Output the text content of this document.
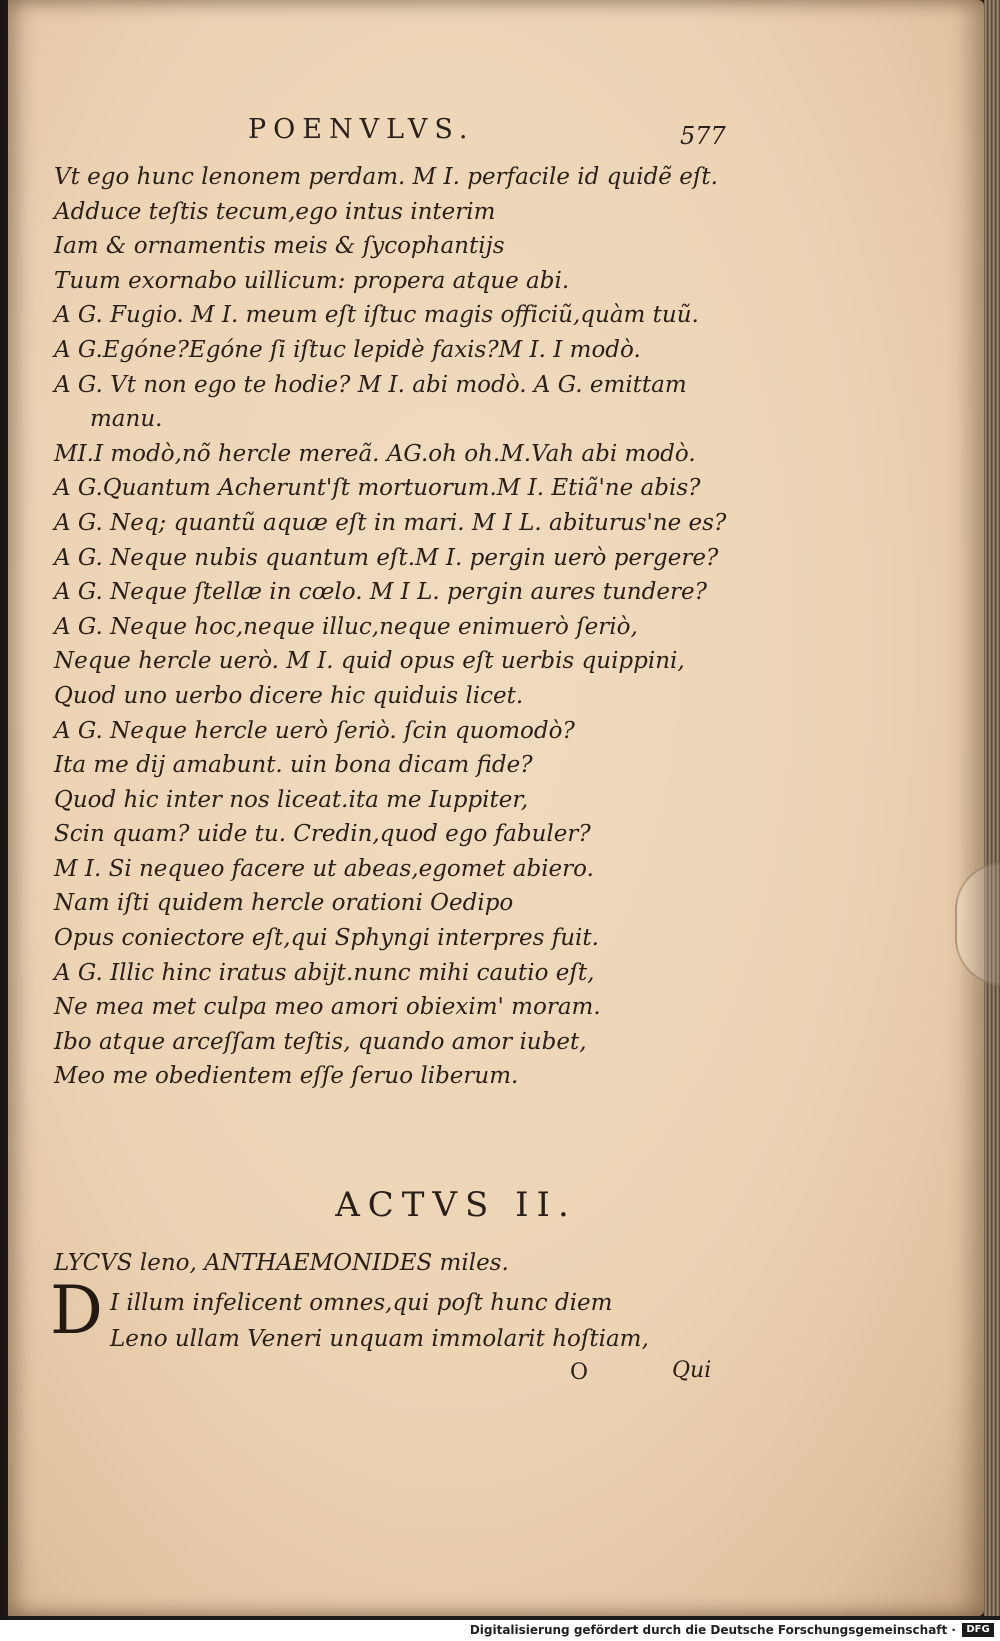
POENVLVS.	577
Vt ego hunc lenonem perdam. M I. perfacile id quidẽ eſt.
Adduce teſtis tecum,ego intus interim
Iam & ornamentis meis & ſycophantijs
Tuum exornabo uillicum: propera atque abi.
A G. Fugio. M I. meum eſt iſtuc magis officiũ,quàm tuũ.
A G.Egóne?Egóne ſi iſtuc lepidè faxis?M I. I modò.
A G. Vt non ego te hodie? M I. abi modò. A G. emittam
manu.
MI.I modò,nõ hercle mereã. AG.oh oh.M.Vah abi modò.
A G.Quantum Acherunt'ſt mortuorum.M I. Etiã'ne abis?
A G. Neq; quantũ aquæ eſt in mari. M I L. abiturus'ne es?
A G. Neque nubis quantum eſt.M I. pergin uerò pergere?
A G. Neque ſtellæ in cœlo. M I L. pergin aures tundere?
A G. Neque hoc,neque illuc,neque enimuerò ſeriò,
Neque hercle uerò. M I. quid opus eſt uerbis quippini,
Quod uno uerbo dicere hic quiduis licet.
A G. Neque hercle uerò ſeriò. ſcin quomodò?
Ita me dij amabunt. uin bona dicam fide?
Quod hic inter nos liceat.ita me Iuppiter,
Scin quam? uide tu. Credin,quod ego fabuler?
M I. Si nequeo facere ut abeas,egomet abiero.
Nam iſti quidem hercle orationi Oedipo
Opus coniectore eſt,qui Sphyngi interpres fuit.
A G. Illic hinc iratus abijt.nunc mihi cautio eſt,
Ne mea met culpa meo amori obiexim' moram.
Ibo atque arceſſam teſtis, quando amor iubet,
Meo me obedientem eſſe ſeruo liberum.
ACTVS II.
LYCVS leno, ANTHAEMONIDES miles.
D I illum infelicent omnes,qui poſt hunc diem
Leno ullam Veneri unquam immolarit hoſtiam,
O	Qui
Digitalisierung gefördert durch die Deutsche Forschungsgemeinschaft ·	DFG
